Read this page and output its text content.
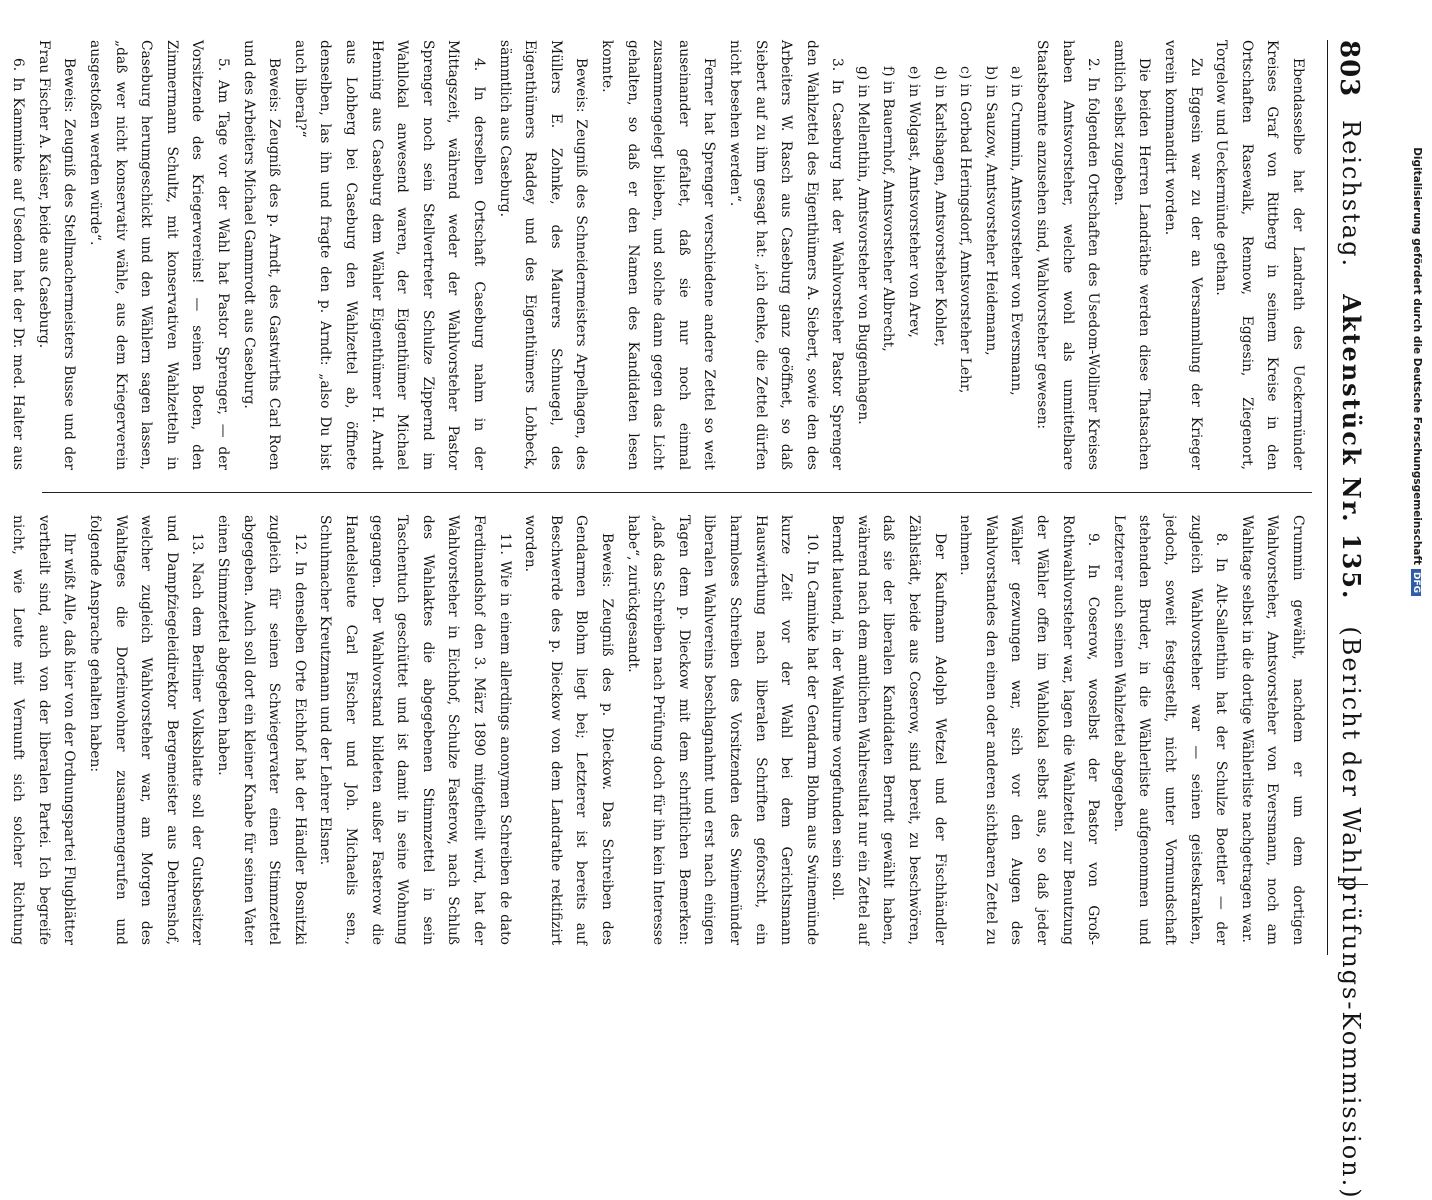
803
Reichstag.Aktenstück Nr. 135.(Bericht der Wahlprüfungs-Kommission.)

Ebendasselbe hat der Landrath des Ueckermünder Kreises Graf von Rittberg in seinem Kreise in den Ortschaften Rasewalk, Rennow, Eggesin, Ziegenort, Torgelow und Ueckermünde gethan.

Zu Eggesin war zu der an Versammlung der Krieger verein kommandirt worden.

Die beiden Herren Landräthe werden diese Thatsachen amtlich selbst zugeben.

2. In folgenden Ortschaften des Usedom-Wolliner Kreises haben Amtsvorsteher, welche wohl als unmittelbare Staatsbeamte anzusehen sind, Wahlvorsteher gewesen:

a) in Crummin, Amtsvorsteher von Eversmann,
b) in Sauzow, Amtsvorsteher Heidemann,
c) in Gorbad Heringsdorf, Amtsvorsteher Lehr,
d) in Karlshagen, Amtsvorsteher Kohler,
e) in Wolgast, Amtsvorsteher von Arev,
f) in Bauernhof, Amtsvorsteher Albrecht,
g) in Mellenthin, Amtsvorsteher von Buggenhagen.

3. In Caseburg hat der Wahlvorsteher Pastor Sprenger den Wahlzettel des Eigenthümers A. Siebert, sowie den des Arbeiters W. Rasch aus Caseburg ganz geöffnet, so daß Siebert auf zu ihm gesagt hat: „ich denke, die Zettel dürfen nicht besehen werden“.

Ferner hat Sprenger verschiedene andere Zettel so weit auseinander gefaltet, daß sie nur noch einmal zusammengelegt blieben, und solche dann gegen das Licht gehalten, so daß er den Namen des Kandidaten lesen konnte.

Beweis: Zeugniß des Schneidermeisters Arpelhagen, des Müllers E. Zohnke, des Maurers Schnuegel, des Eigenthümers Raddey und des Eigenthümers Lohbeck, sämmtlich aus Caseburg.

4. In derselben Ortschaft Caseburg nahm in der Mittagszeit, während weder der Wahlvorsteher Pastor Sprenger noch sein Stellvertreter Schulze Zippernd im Wahllokal anwesend waren, der Eigenthümer Michael Henning aus Caseburg dem Wähler Eigenthümer H. Arndt aus Lohberg bei Caseburg den Wahlzettel ab, öffnete denselben, las ihn und fragte den p. Arndt: „also Du bist auch liberal?“

Beweis: Zeugniß des p. Arndt, des Gastwirths Carl Roen und des Arbeiters Michael Gammrodt aus Caseburg.

5. Am Tage vor der Wahl hat Pastor Sprenger, — der Vorsitzende des Kriegervereins! — seinen Boten, den Zimmermann Schultz, mit konservativen Wahlzetteln in Caseburg herumgeschickt und den Wählern sagen lassen, „daß wer nicht konservativ wähle, aus dem Kriegerverein ausgestoßen werden würde“.

Beweis: Zeugniß des Stellmachermeisters Busse und der Frau Fischer A. Kaiser, beide aus Caseburg.

6. In Kamminke auf Usedom hat der Dr. med. Halter aus

Crummin gewählt, nachdem er um dem dortigen Wahlvorsteher, Amtsvorsteher von Eversmann, noch am Wahltage selbst in die dortige Wählerliste nachgetragen war.

8. In Alt-Sallenthin hat der Schulze Boettler — der zugleich Wahlvorsteher war — seinen geisteskranken, jedoch, soweit festgestellt, nicht unter Vormundschaft stehenden Bruder, in die Wählerliste aufgenommen und Letzterer auch seinen Wahlzettel abgegeben.

9. In Coserow, woselbst der Pastor von Groß-Rothwahlvorsteher war, lagen die Wahlzettel zur Benutzung der Wähler offen im Wahllokal selbst aus, so daß jeder Wähler gezwungen war, sich vor den Augen des Wahlvorstandes den einen oder anderen sichtbaren Zettel zu nehmen.

Der Kaufmann Adolph Wetzel und der Fischhändler Zählstädt, beide aus Coserow, sind bereit, zu beschwören, daß sie der liberalen Kandidaten Berndt gewählt haben, während nach dem amtlichen Wahlresultat nur ein Zettel auf Berndt lautend, in der Wahlurne vorgefunden sein soll.

10. In Caminke hat der Gendarm Blohm aus Swinemünde kurze Zeit vor der Wahl bei dem Gerichtsmann Hauswirthung nach liberalen Schriften geforscht, ein harmloses Schreiben des Vorsitzenden des Swinemünder liberalen Wahlvereins beschlagnahmt und erst nach einigen Tagen dem p. Dieckow mit dem schriftlichen Bemerken: „daß das Schreiben nach Prüfung doch für ihn kein Interesse habe“, zurückgesandt.

Beweis: Zeugniß des p. Dieckow. Das Schreiben des Gendarmen Blohm liegt bei; Letzterer ist bereits auf Beschwerde des p. Dieckow von dem Landrathe rektifizirt worden.

11. Wie in einem allerdings anonymen Schreiben de dato Ferdinandshof den 3. März 1890 mitgetheilt wird, hat der Wahlvorsteher in Eichhof, Schulze Fasterow, nach Schluß des Wahlaktes die abgegebenen Stimmzettel in sein Taschentuch geschüttet und ist damit in seine Wohnung gegangen. Der Wahlvorstand bildeten außer Fasterow die Handelsleute Carl Fischer und Joh. Michaelis sen., Schuhmacher Kreutzmann und der Lehrer Elsner.

12. In denselben Orte Eichhof hat der Händler Bosnitzki zugleich für seinen Schwiegervater einen Stimmzettel abgegeben. Auch soll dort ein kleiner Knabe für seinen Vater einen Stimmzettel abgegeben haben.

13. Nach dem Berliner Volksblatte soll der Gutsbesitzer und Dampfziegeleidirektor Bergemeister aus Dehrenshof, welcher zugleich Wahlvorsteher war, am Morgen des Wahltages die Dorfeinwohner zusammengerufen und folgende Ansprache gehalten haben:

Ihr wißt Alle, daß hier von der Ordnungspartei Flugblätter vertheilt sind, auch von der liberalen Partei. Ich begreife nicht, wie Leute mit Vernunft sich solcher Richtung

Digitalisierung gefördert durch die Deutsche ForschungsgemeinschaftDFG
